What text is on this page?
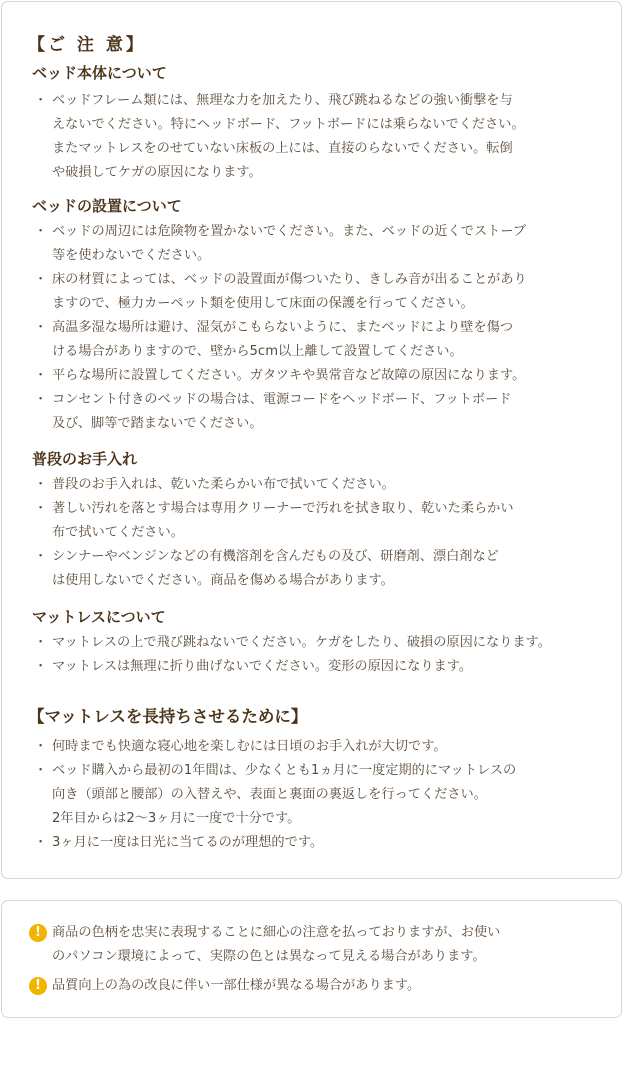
【ご 注 意】
ベッド本体について
・ ベッドフレーム類には、無理な力を加えたり、飛び跳ねるなどの強い衝撃を与
えないでください。特にヘッドボード、フットボードには乗らないでください。
またマットレスをのせていない床板の上には、直接のらないでください。転倒
や破損してケガの原因になります。
ベッドの設置について
・ ベッドの周辺には危険物を置かないでください。また、ベッドの近くでストーブ
等を使わないでください。
・ 床の材質によっては、ベッドの設置面が傷ついたり、きしみ音が出ることがあり
ますので、極力カーペット類を使用して床面の保護を行ってください。
・ 高温多湿な場所は避け、湿気がこもらないように、またベッドにより壁を傷つ
ける場合がありますので、壁から5cm以上離して設置してください。
・ 平らな場所に設置してください。ガタツキや異常音など故障の原因になります。
・ コンセント付きのベッドの場合は、電源コードをヘッドボード、フットボード
及び、脚等で踏まないでください。
普段のお手入れ
・ 普段のお手入れは、乾いた柔らかい布で拭いてください。
・ 著しい汚れを落とす場合は専用クリーナーで汚れを拭き取り、乾いた柔らかい
布で拭いてください。
・ シンナーやベンジンなどの有機溶剤を含んだもの及び、研磨剤、漂白剤など
は使用しないでください。商品を傷める場合があります。
マットレスについて
・ マットレスの上で飛び跳ねないでください。ケガをしたり、破損の原因になります。
・ マットレスは無理に折り曲げないでください。変形の原因になります。
【マットレスを長持ちさせるために】
・ 何時までも快適な寝心地を楽しむには日頃のお手入れが大切です。
・ ベッド購入から最初の1年間は、少なくとも1ヵ月に一度定期的にマットレスの
向き（頭部と腰部）の入替えや、表面と裏面の裏返しを行ってください。
2年目からは2〜3ヶ月に一度で十分です。
・ 3ヶ月に一度は日光に当てるのが理想的です。
! 商品の色柄を忠実に表現することに細心の注意を払っておりますが、お使い
のパソコン環境によって、実際の色とは異なって見える場合があります。
! 品質向上の為の改良に伴い一部仕様が異なる場合があります。
